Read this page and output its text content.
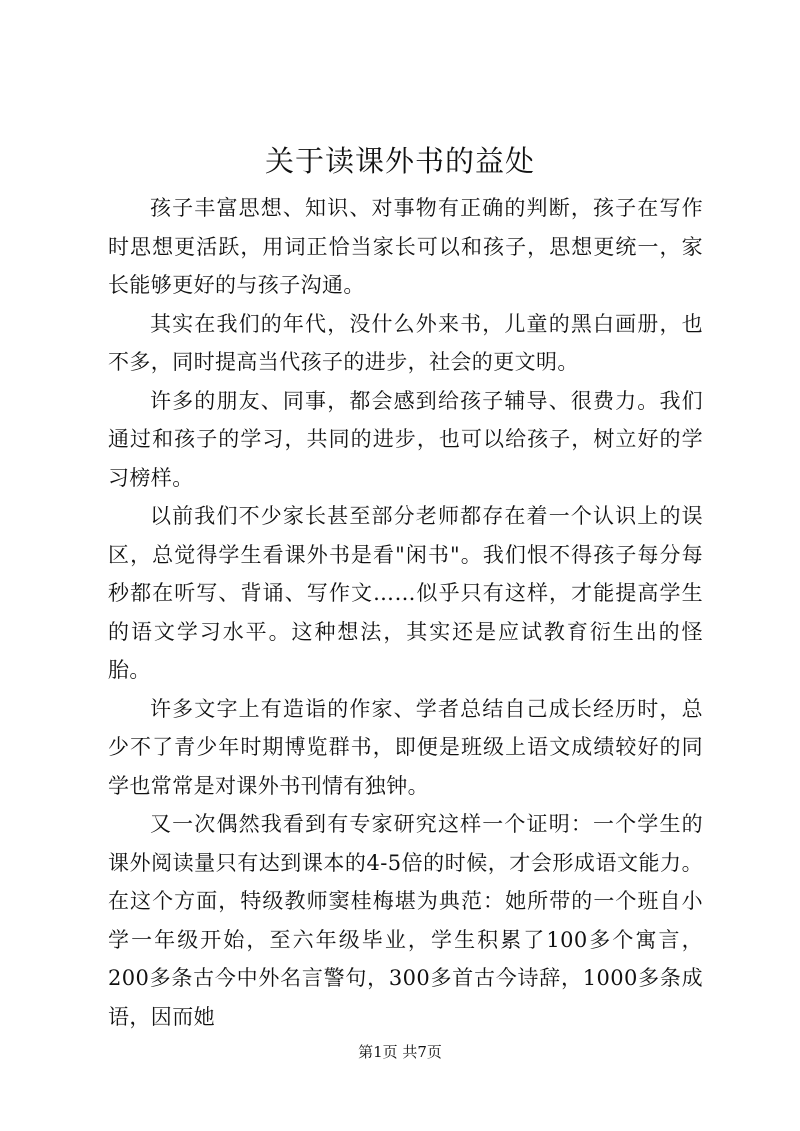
关于读课外书的益处

孩子丰富思想、知识、对事物有正确的判断，孩子在写作时思想更活跃，用词正恰当家长可以和孩子，思想更统一，家长能够更好的与孩子沟通。

其实在我们的年代，没什么外来书，儿童的黑白画册，也不多，同时提高当代孩子的进步，社会的更文明。

许多的朋友、同事，都会感到给孩子辅导、很费力。我们通过和孩子的学习，共同的进步，也可以给孩子，树立好的学习榜样。

以前我们不少家长甚至部分老师都存在着一个认识上的误区，总觉得学生看课外书是看"闲书"。我们恨不得孩子每分每秒都在听写、背诵、写作文……似乎只有这样，才能提高学生的语文学习水平。这种想法，其实还是应试教育衍生出的怪胎。

许多文字上有造诣的作家、学者总结自己成长经历时，总少不了青少年时期博览群书，即便是班级上语文成绩较好的同学也常常是对课外书刊情有独钟。

又一次偶然我看到有专家研究这样一个证明：一个学生的课外阅读量只有达到课本的4-5倍的时候，才会形成语文能力。在这个方面，特级教师窦桂梅堪为典范：她所带的一个班自小学一年级开始，至六年级毕业，学生积累了100多个寓言，200多条古今中外名言警句，300多首古今诗辞，1000多条成语，因而她

第1页 共7页
